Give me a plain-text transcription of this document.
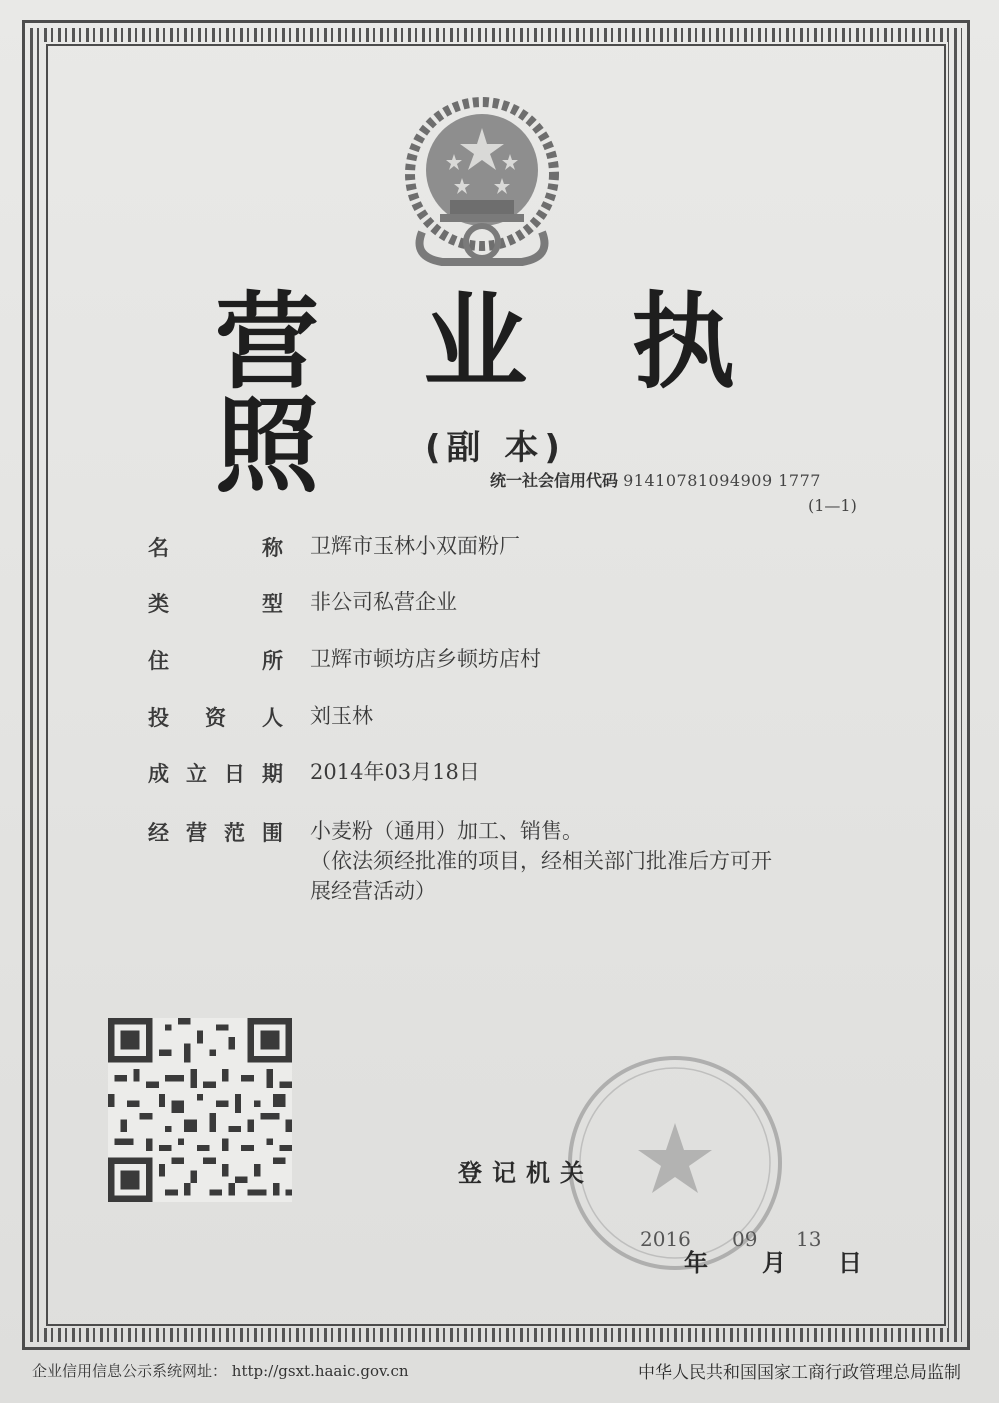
营 业 执 照	(副 本)
统一社会信用代码 91410781094909 1777
(1—1)
名	称 卫辉市玉林小双面粉厂
类	型 非公司私营企业
住	所 卫辉市顿坊店乡顿坊店村
投 资 人 刘玉林
成 立 日 期 2014年03月18日
经 营 范 围 小麦粉（通用）加工、销售。
（依法须经批准的项目，经相关部门批准后方可开
展经营活动）
登记机关
2016 09 13
年 月 日
企业信用信息公示系统网址： http://gsxt.haaic.gov.cn	中华人民共和国国家工商行政管理总局监制
